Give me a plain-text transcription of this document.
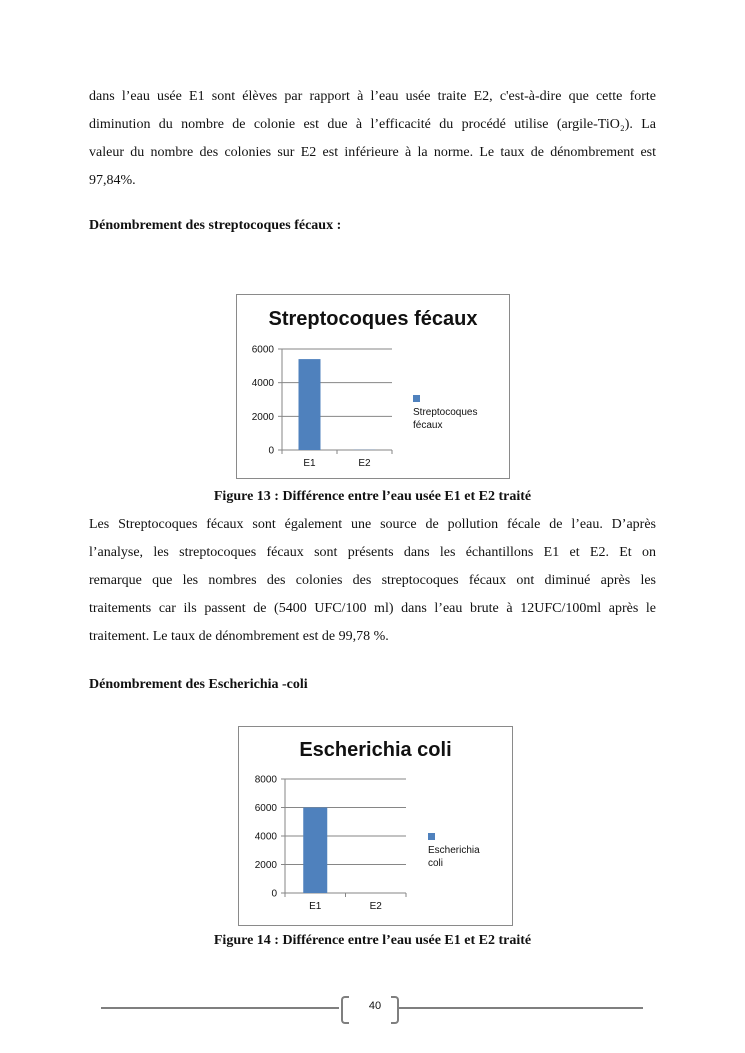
dans l’eau usée E1 sont élèves par rapport à l’eau usée traite E2, c'est-à-dire que cette forte
diminution du nombre de colonie est due à l’efficacité du procédé utilise (argile-TiO₂). La
valeur du nombre des colonies sur E2 est inférieure à la norme. Le taux de dénombrement est
97,84%.
Dénombrement des streptocoques fécaux :
Streptocoques fécaux
0
2000
4000
6000
E1	E2
Streptocoques
fécaux
Figure 13 : Différence entre l’eau usée E1 et E2 traité
Les Streptocoques fécaux sont également une source de pollution fécale de l’eau. D’après
l’analyse, les streptocoques fécaux sont présents dans les échantillons E1 et E2. Et on
remarque que les nombres des colonies des streptocoques fécaux ont diminué après les
traitements car ils passent de (5400 UFC/100 ml) dans l’eau brute à 12UFC/100ml après le
traitement. Le taux de dénombrement est de 99,78 %.
Dénombrement des Escherichia -coli
Escherichia coli
0
2000
4000
6000
8000
E1	E2
Escherichia
coli
Figure 14 : Différence entre l’eau usée E1 et E2 traité
40
